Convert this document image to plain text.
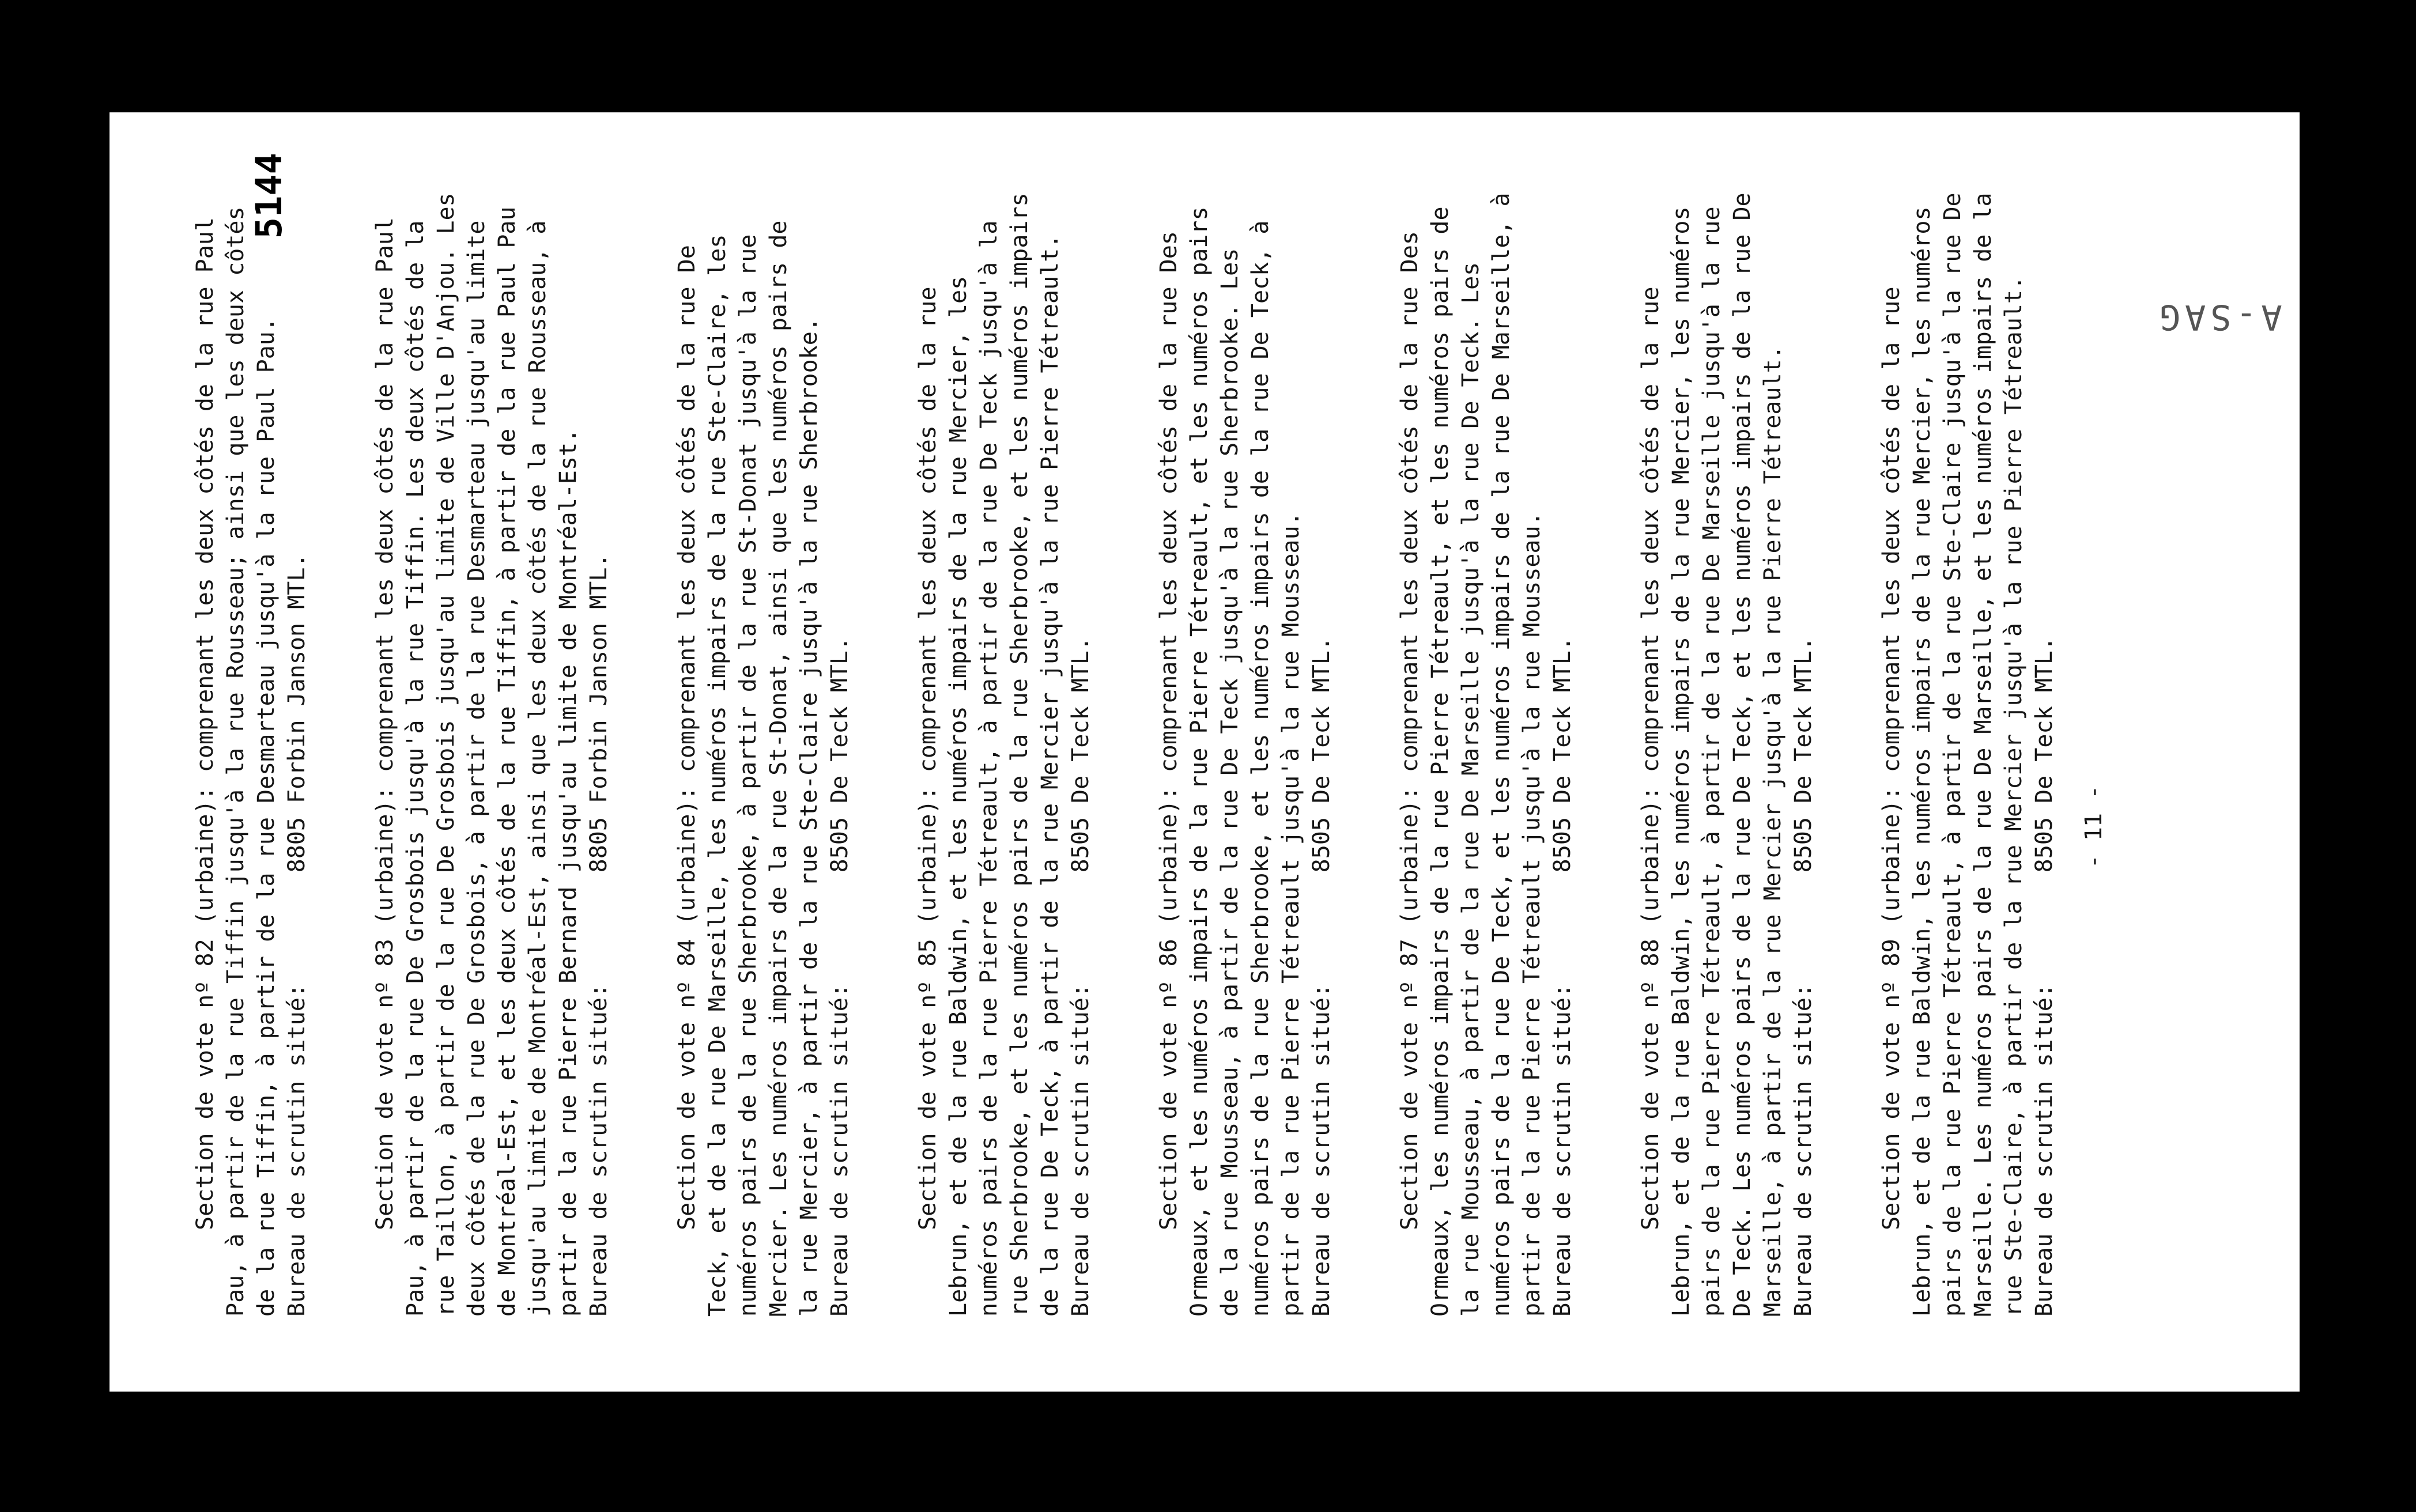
5144

Section de vote nº 82 (urbaine): comprenant les deux côtés de la rue Paul Pau, à partir de la rue Tiffin jusqu'à la rue Rousseau; ainsi que les deux côtés de la rue Tiffin, à partir de la rue Desmarteau jusqu'à la rue Paul Pau. Bureau de scrutin situé:        8805 Forbin Janson MTL.	Section de vote nº 83 (urbaine): comprenant les deux côtés de la rue Paul Pau, à partir de la rue De Grosbois jusqu'à la rue Tiffin. Les deux côtés de la rue Taillon, à partir de la rue De Grosbois jusqu'au limite de Ville D'Anjou. Les deux côtés de la rue De Grosbois, à partir de la rue Desmarteau jusqu'au limite de Montréal-Est, et les deux côtés de la rue Tiffin, à partir de la rue Paul Pau jusqu'au limite de Montréal-Est, ainsi que les deux côtés de la rue Rousseau, à partir de la rue Pierre Bernard jusqu'au limite de Montréal-Est. Bureau de scrutin situé:        8805 Forbin Janson MTL.	Section de vote nº 84 (urbaine): comprenant les deux côtés de la rue De Teck, et de la rue De Marseille, les numéros impairs de la rue Ste-Claire, les numéros pairs de la rue Sherbrooke, à partir de la rue St-Donat jusqu'à la rue Mercier. Les numéros impairs de la rue St-Donat, ainsi que les numéros pairs de la rue Mercier, à partir de la rue Ste-Claire jusqu'à la rue Sherbrooke. Bureau de scrutin situé:        8505 De Teck MTL.	Section de vote nº 85 (urbaine): comprenant les deux côtés de la rue Lebrun, et de la rue Baldwin, et les numéros impairs de la rue Mercier, les numéros pairs de la rue Pierre Tétreault, à partir de la rue De Teck jusqu'à la rue Sherbrooke, et les numéros pairs de la rue Sherbrooke, et les numéros impairs de la rue De Teck, à partir de la rue Mercier jusqu'à la rue Pierre Tétreault. Bureau de scrutin situé:        8505 De Teck MTL.	Section de vote nº 86 (urbaine): comprenant les deux côtés de la rue Des Ormeaux, et les numéros impairs de la rue Pierre Tétreault, et les numéros pairs de la rue Mousseau, à partir de la rue De Teck jusqu'à la rue Sherbrooke. Les numéros pairs de la rue Sherbrooke, et les numéros impairs de la rue De Teck, à partir de la rue Pierre Tétreault jusqu'à la rue Mousseau. Bureau de scrutin situé:        8505 De Teck MTL.	Section de vote nº 87 (urbaine): comprenant les deux côtés de la rue Des Ormeaux, les numéros impairs de la rue Pierre Tétreault, et les numéros pairs de la rue Mousseau, à partir de la rue De Marseille jusqu'à la rue De Teck. Les numéros pairs de la rue De Teck, et les numéros impairs de la rue De Marseille, à partir de la rue Pierre Tétreault jusqu'à la rue Mousseau. Bureau de scrutin situé:        8505 De Teck MTL.	Section de vote nº 88 (urbaine): comprenant les deux côtés de la rue Lebrun, et de la rue Baldwin, les numéros impairs de la rue Mercier, les numéros pairs de la rue Pierre Tétreault, à partir de la rue De Marseille jusqu'à la rue De Teck. Les numéros pairs de la rue De Teck, et les numéros impairs de la rue De Marseille, à partir de la rue Mercier jusqu'à la rue Pierre Tétreault. Bureau de scrutin situé:        8505 De Teck MTL.	Section de vote nº 89 (urbaine): comprenant les deux côtés de la rue Lebrun, et de la rue Baldwin, les numéros impairs de la rue Mercier, les numéros pairs de la rue Pierre Tétreault, à partir de la rue Ste-Claire jusqu'à la rue De Marseille. Les numéros pairs de la rue De Marseille, et les numéros impairs de la rue Ste-Claire, à partir de la rue Mercier jusqu'à la rue Pierre Tétreault. Bureau de scrutin situé:        8505 De Teck MTL. - 11 -
A-SAG
